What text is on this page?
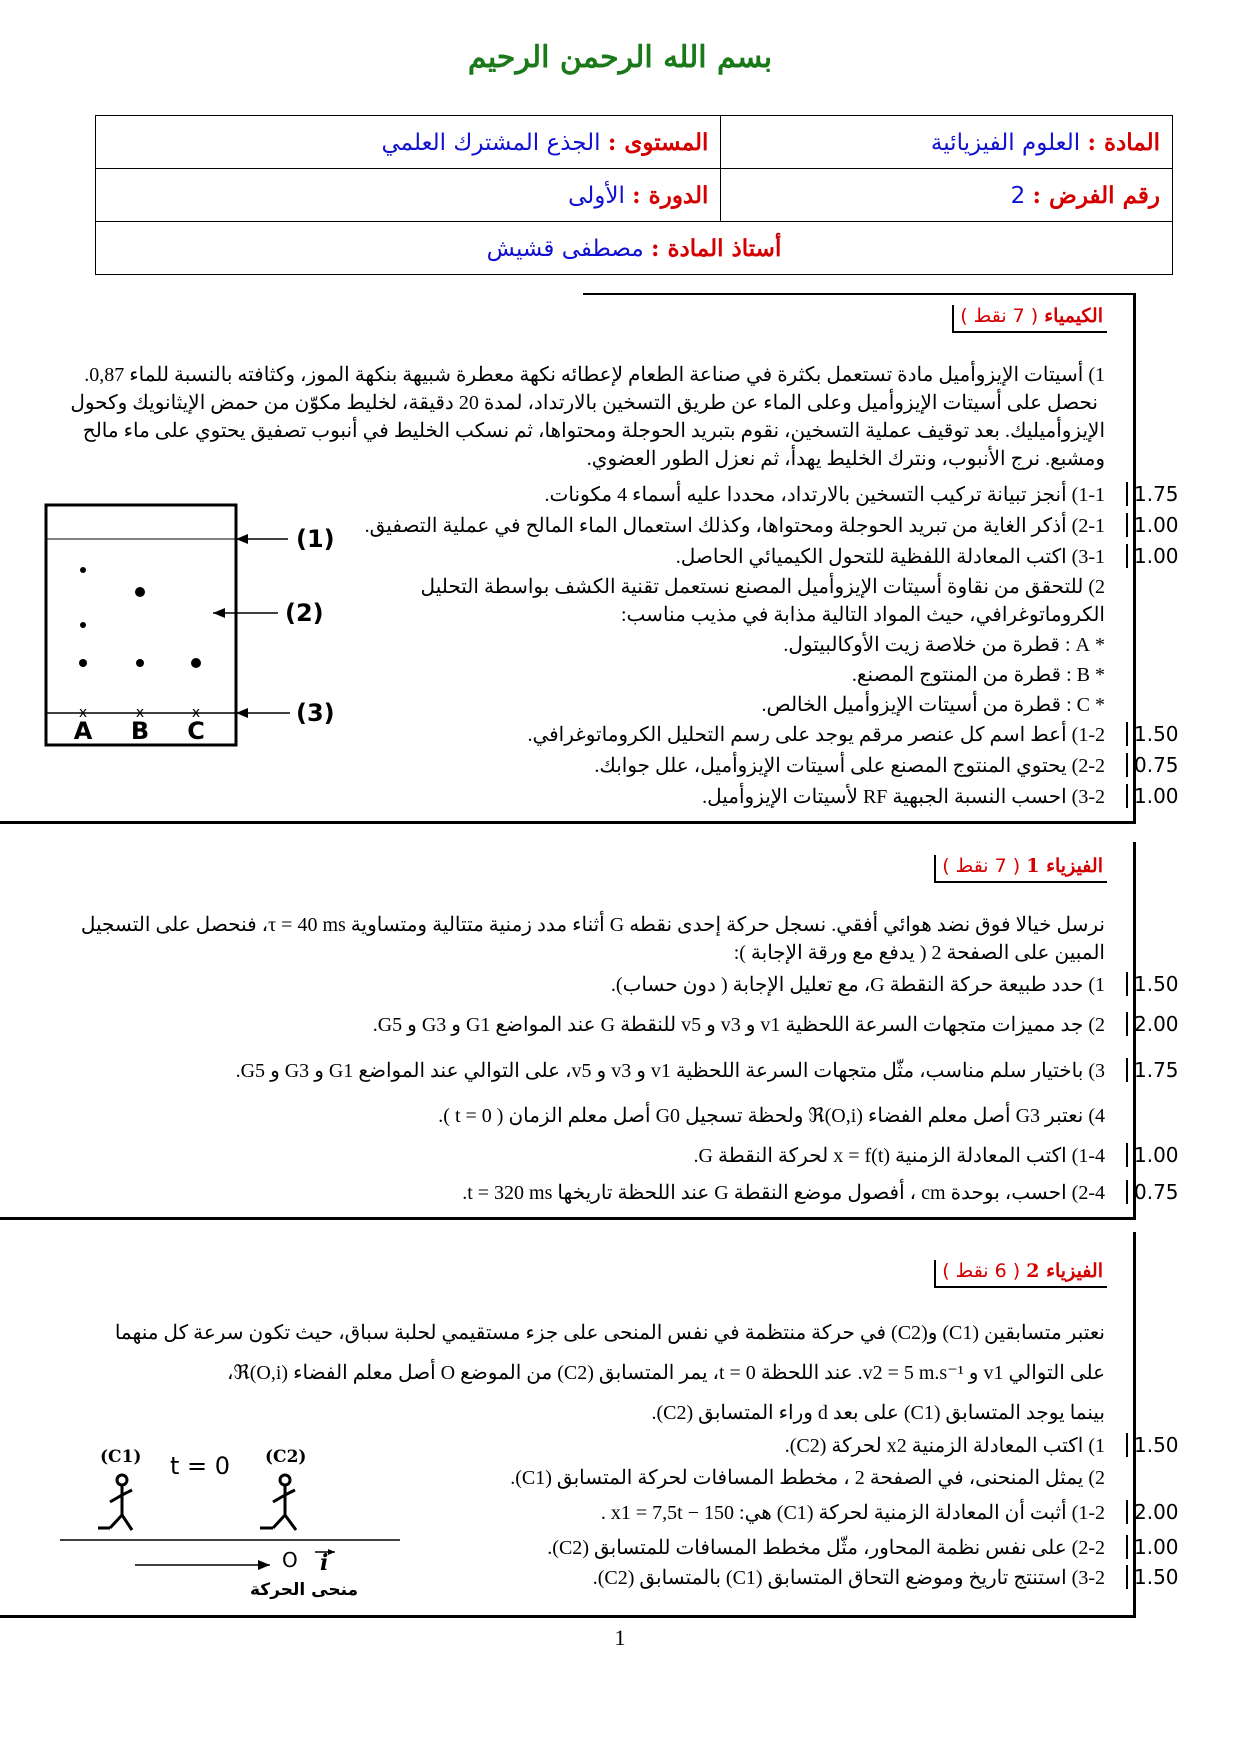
بسم الله الرحمن الرحيم
المادة : العلوم الفيزيائية	المستوى : الجذع المشترك العلمي
رقم الفرض : 2	الدورة : الأولى
أستاذ المادة : مصطفى قشيش	
الكيمياء ( 7 نقط )
1) أسيتات الإيزوأميل مادة تستعمل بكثرة في صناعة الطعام لإعطائه نكهة معطرة شبيهة بنكهة الموز، وكثافته بالنسبة للماء 0,87.
نحصل على أسيتات الإيزوأميل وعلى الماء عن طريق التسخين بالارتداد، لمدة 20 دقيقة، لخليط مكوّن من حمض الإيثانويك وكحول
الإيزوأميليك. بعد توقيف عملية التسخين، نقوم بتبريد الحوجلة ومحتواها، ثم نسكب الخليط في أنبوب تصفيق يحتوي على ماء مالح
ومشبع. نرج الأنبوب، ونترك الخليط يهدأ، ثم نعزل الطور العضوي.
1-1) أنجز تبيانة تركيب التسخين بالارتداد، محددا عليه أسماء 4 مكونات.	1.75
2-1) أذكر الغاية من تبريد الحوجلة ومحتواها، وكذلك استعمال الماء المالح في عملية التصفيق.	1.00
3-1) اكتب المعادلة اللفظية للتحول الكيميائي الحاصل.	1.00
2) للتحقق من نقاوة أسيتات الإيزوأميل المصنع نستعمل تقنية الكشف بواسطة التحليل
الكروماتوغرافي، حيث المواد التالية مذابة في مذيب مناسب:
* A : قطرة من خلاصة زيت الأوكالبيتول.
* B : قطرة من المنتوج المصنع.
* C : قطرة من أسيتات الإيزوأميل الخالص.
1-2) أعط اسم كل عنصر مرقم يوجد على رسم التحليل الكروماتوغرافي.	1.50
2-2) يحتوي المنتوج المصنع على أسيتات الإيزوأميل، علل جوابك.	0.75
3-2) احسب النسبة الجبهية RF لأسيتات الإيزوأميل.	1.00
x	x	x
A B C
(1)
(2)
(3)
الفيزياء 1 ( 7 نقط )
نرسل خيالا فوق نضد هوائي أفقي. نسجل حركة إحدى نقطه G أثناء مدد زمنية متتالية ومتساوية τ = 40 ms، فنحصل على التسجيل
المبين على الصفحة 2 ( يدفع مع ورقة الإجابة ):
1) حدد طبيعة حركة النقطة G، مع تعليل الإجابة ( دون حساب).	1.50
2) جد مميزات متجهات السرعة اللحظية v1 و v3 و v5 للنقطة G عند المواضع G1 و G3 و G5.	2.00
3) باختيار سلم مناسب، مثّل متجهات السرعة اللحظية v1 و v3 و v5، على التوالي عند المواضع G1 و G3 و G5.	1.75
4) نعتبر G3 أصل معلم الفضاء ℜ(O,i) ولحظة تسجيل G0 أصل معلم الزمان ( t = 0 ).
1-4) اكتب المعادلة الزمنية x = f(t) لحركة النقطة G.	1.00
2-4) احسب، بوحدة cm ، أفصول موضع النقطة G عند اللحظة تاريخها t = 320 ms.	0.75
الفيزياء 2 ( 6 نقط )
نعتبر متسابقين (C1) و(C2) في حركة منتظمة في نفس المنحى على جزء مستقيمي لحلبة سباق، حيث تكون سرعة كل منهما
على التوالي v1 و v2 = 5 m.s⁻¹. عند اللحظة t = 0، يمر المتسابق (C2) من الموضع O أصل معلم الفضاء ℜ(O,i)،
بينما يوجد المتسابق (C1) على بعد d وراء المتسابق (C2).
1) اكتب المعادلة الزمنية x2 لحركة (C2).	1.50
2) يمثل المنحنى، في الصفحة 2 ، مخطط المسافات لحركة المتسابق (C1).
1-2) أثبت أن المعادلة الزمنية لحركة (C1) هي: x1 = 7,5t − 150 .	2.00
2-2) على نفس نظمة المحاور، مثّل مخطط المسافات للمتسابق (C2).	1.00
3-2) استنتج تاريخ وموضع التحاق المتسابق (C1) بالمتسابق (C2).	1.50
(C1) t = 0 (C2)
O i
منحى الحركة
1
